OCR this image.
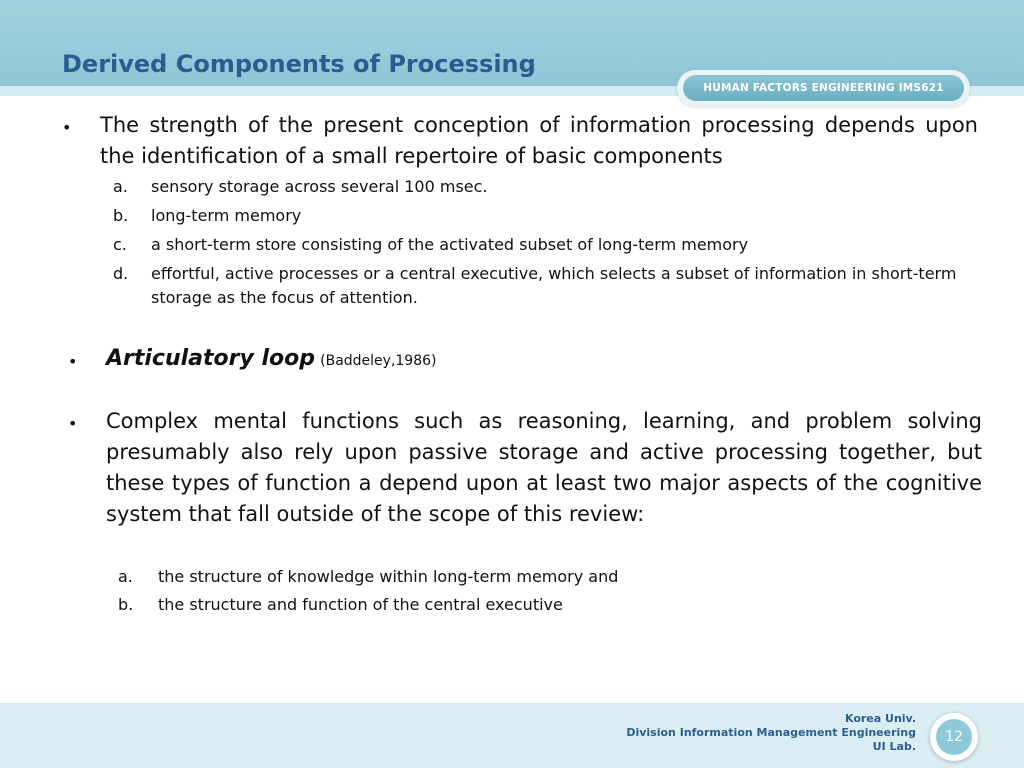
Derived Components of Processing
HUMAN FACTORS ENGINEERING IMS621
• The strength of the present conception of information processing depends upon the identification of a small repertoire of basic components

a. sensory storage across several 100 msec.
b. long-term memory
c. a short-term store consisting of the activated subset of long-term memory
d. effortful, active processes or a central executive, which selects a subset of information in short-term storage as the focus of attention.
• Articulatory loop (Baddeley,1986)

• Complex mental functions such as reasoning, learning, and problem solving presumably also rely upon passive storage and active processing together, but these types of function a depend upon at least two major aspects of the cognitive system that fall outside of the scope of this review:

a. the structure of knowledge within long-term memory and
b. the structure and function of the central executive
Korea Univ.
Division Information Management Engineering
UI Lab.
12
